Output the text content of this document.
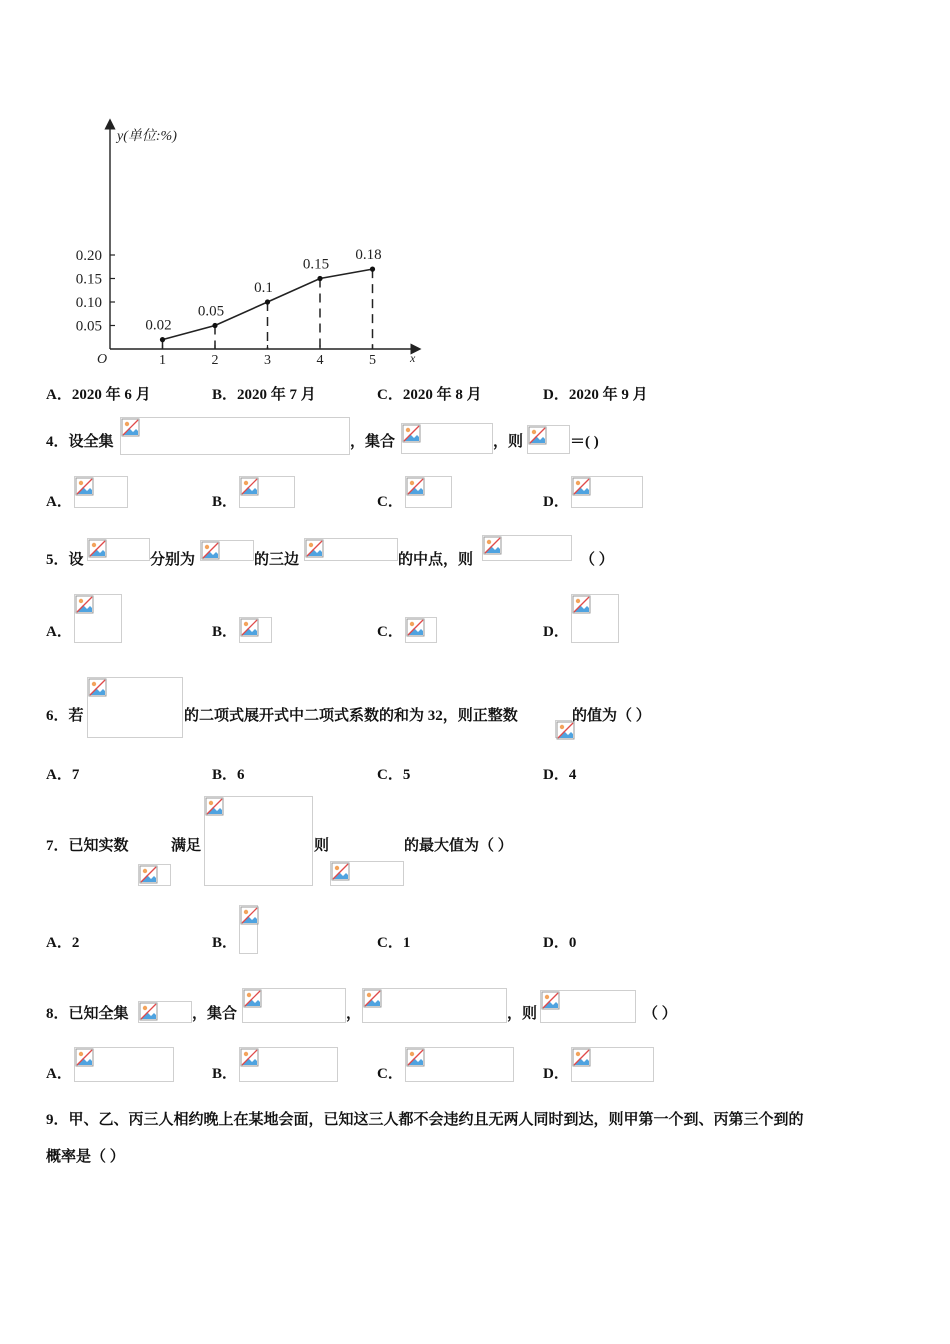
y(单位:%)
x
O
0.05
0.10
0.15
0.20
1	2	3	4	5
0.02
0.05
0.1
0.15
0.18
A．2020 年 6 月	B．2020 年 7 月	C．2020 年 8 月	D．2020 年 9 月
4．设全集	，集合	，则	＝( )
A．	B．	C．	D．
5．设	分别为	的三边	的中点，则	（ ）
A．	B．	C．	D．
6．若	的二项式展开式中二项式系数的和为 32，则正整数	的值为（ ）
A．7	B．6	C．5	D．4
7．已知实数	满足	则	的最大值为（ ）
A．2	B．	C．1	D．0
8．已知全集	，集合	，	，则	（ ）
A．	B．	C．	D．
9．甲、乙、丙三人相约晚上在某地会面，已知这三人都不会违约且无两人同时到达，则甲第一个到、丙第三个到的
概率是（ ）
